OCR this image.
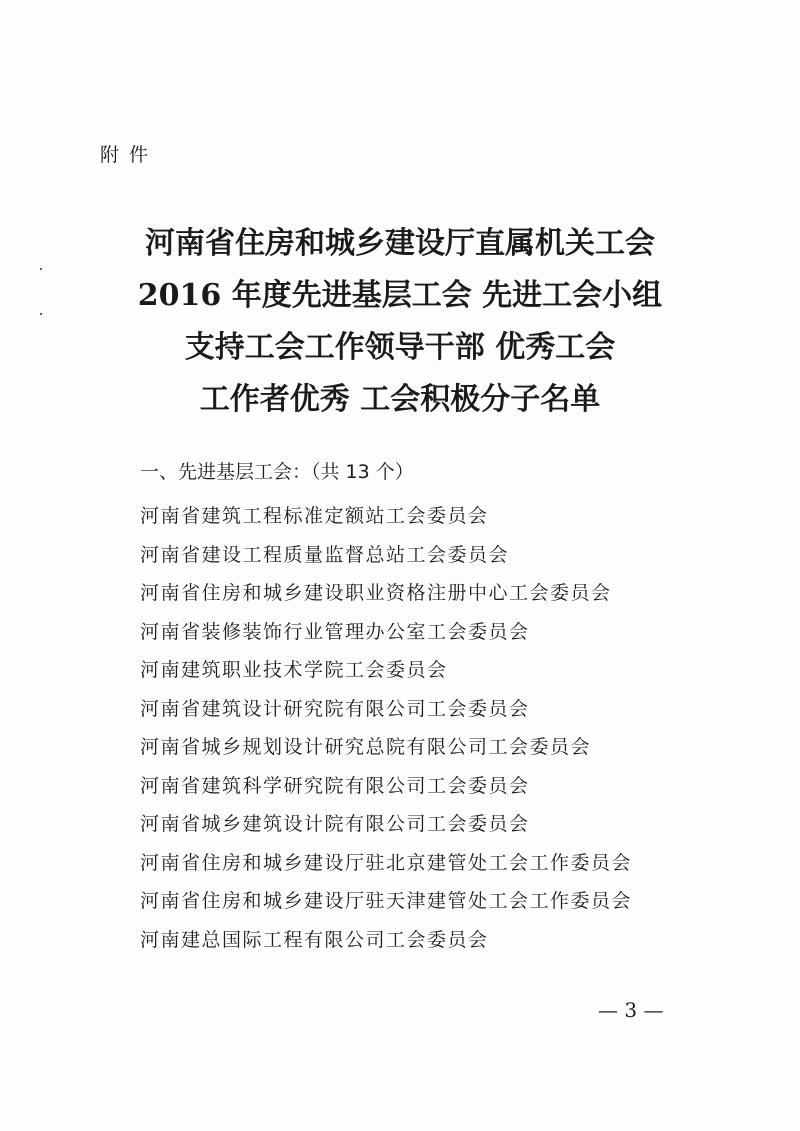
附件
河南省住房和城乡建设厅直属机关工会
2016 年度先进基层工会 先进工会小组
支持工会工作领导干部 优秀工会
工作者优秀 工会积极分子名单
一、先进基层工会：（共 13 个）
河南省建筑工程标准定额站工会委员会
河南省建设工程质量监督总站工会委员会
河南省住房和城乡建设职业资格注册中心工会委员会
河南省装修装饰行业管理办公室工会委员会
河南建筑职业技术学院工会委员会
河南省建筑设计研究院有限公司工会委员会
河南省城乡规划设计研究总院有限公司工会委员会
河南省建筑科学研究院有限公司工会委员会
河南省城乡建筑设计院有限公司工会委员会
河南省住房和城乡建设厅驻北京建管处工会工作委员会
河南省住房和城乡建设厅驻天津建管处工会工作委员会
河南建总国际工程有限公司工会委员会
— 3 —
